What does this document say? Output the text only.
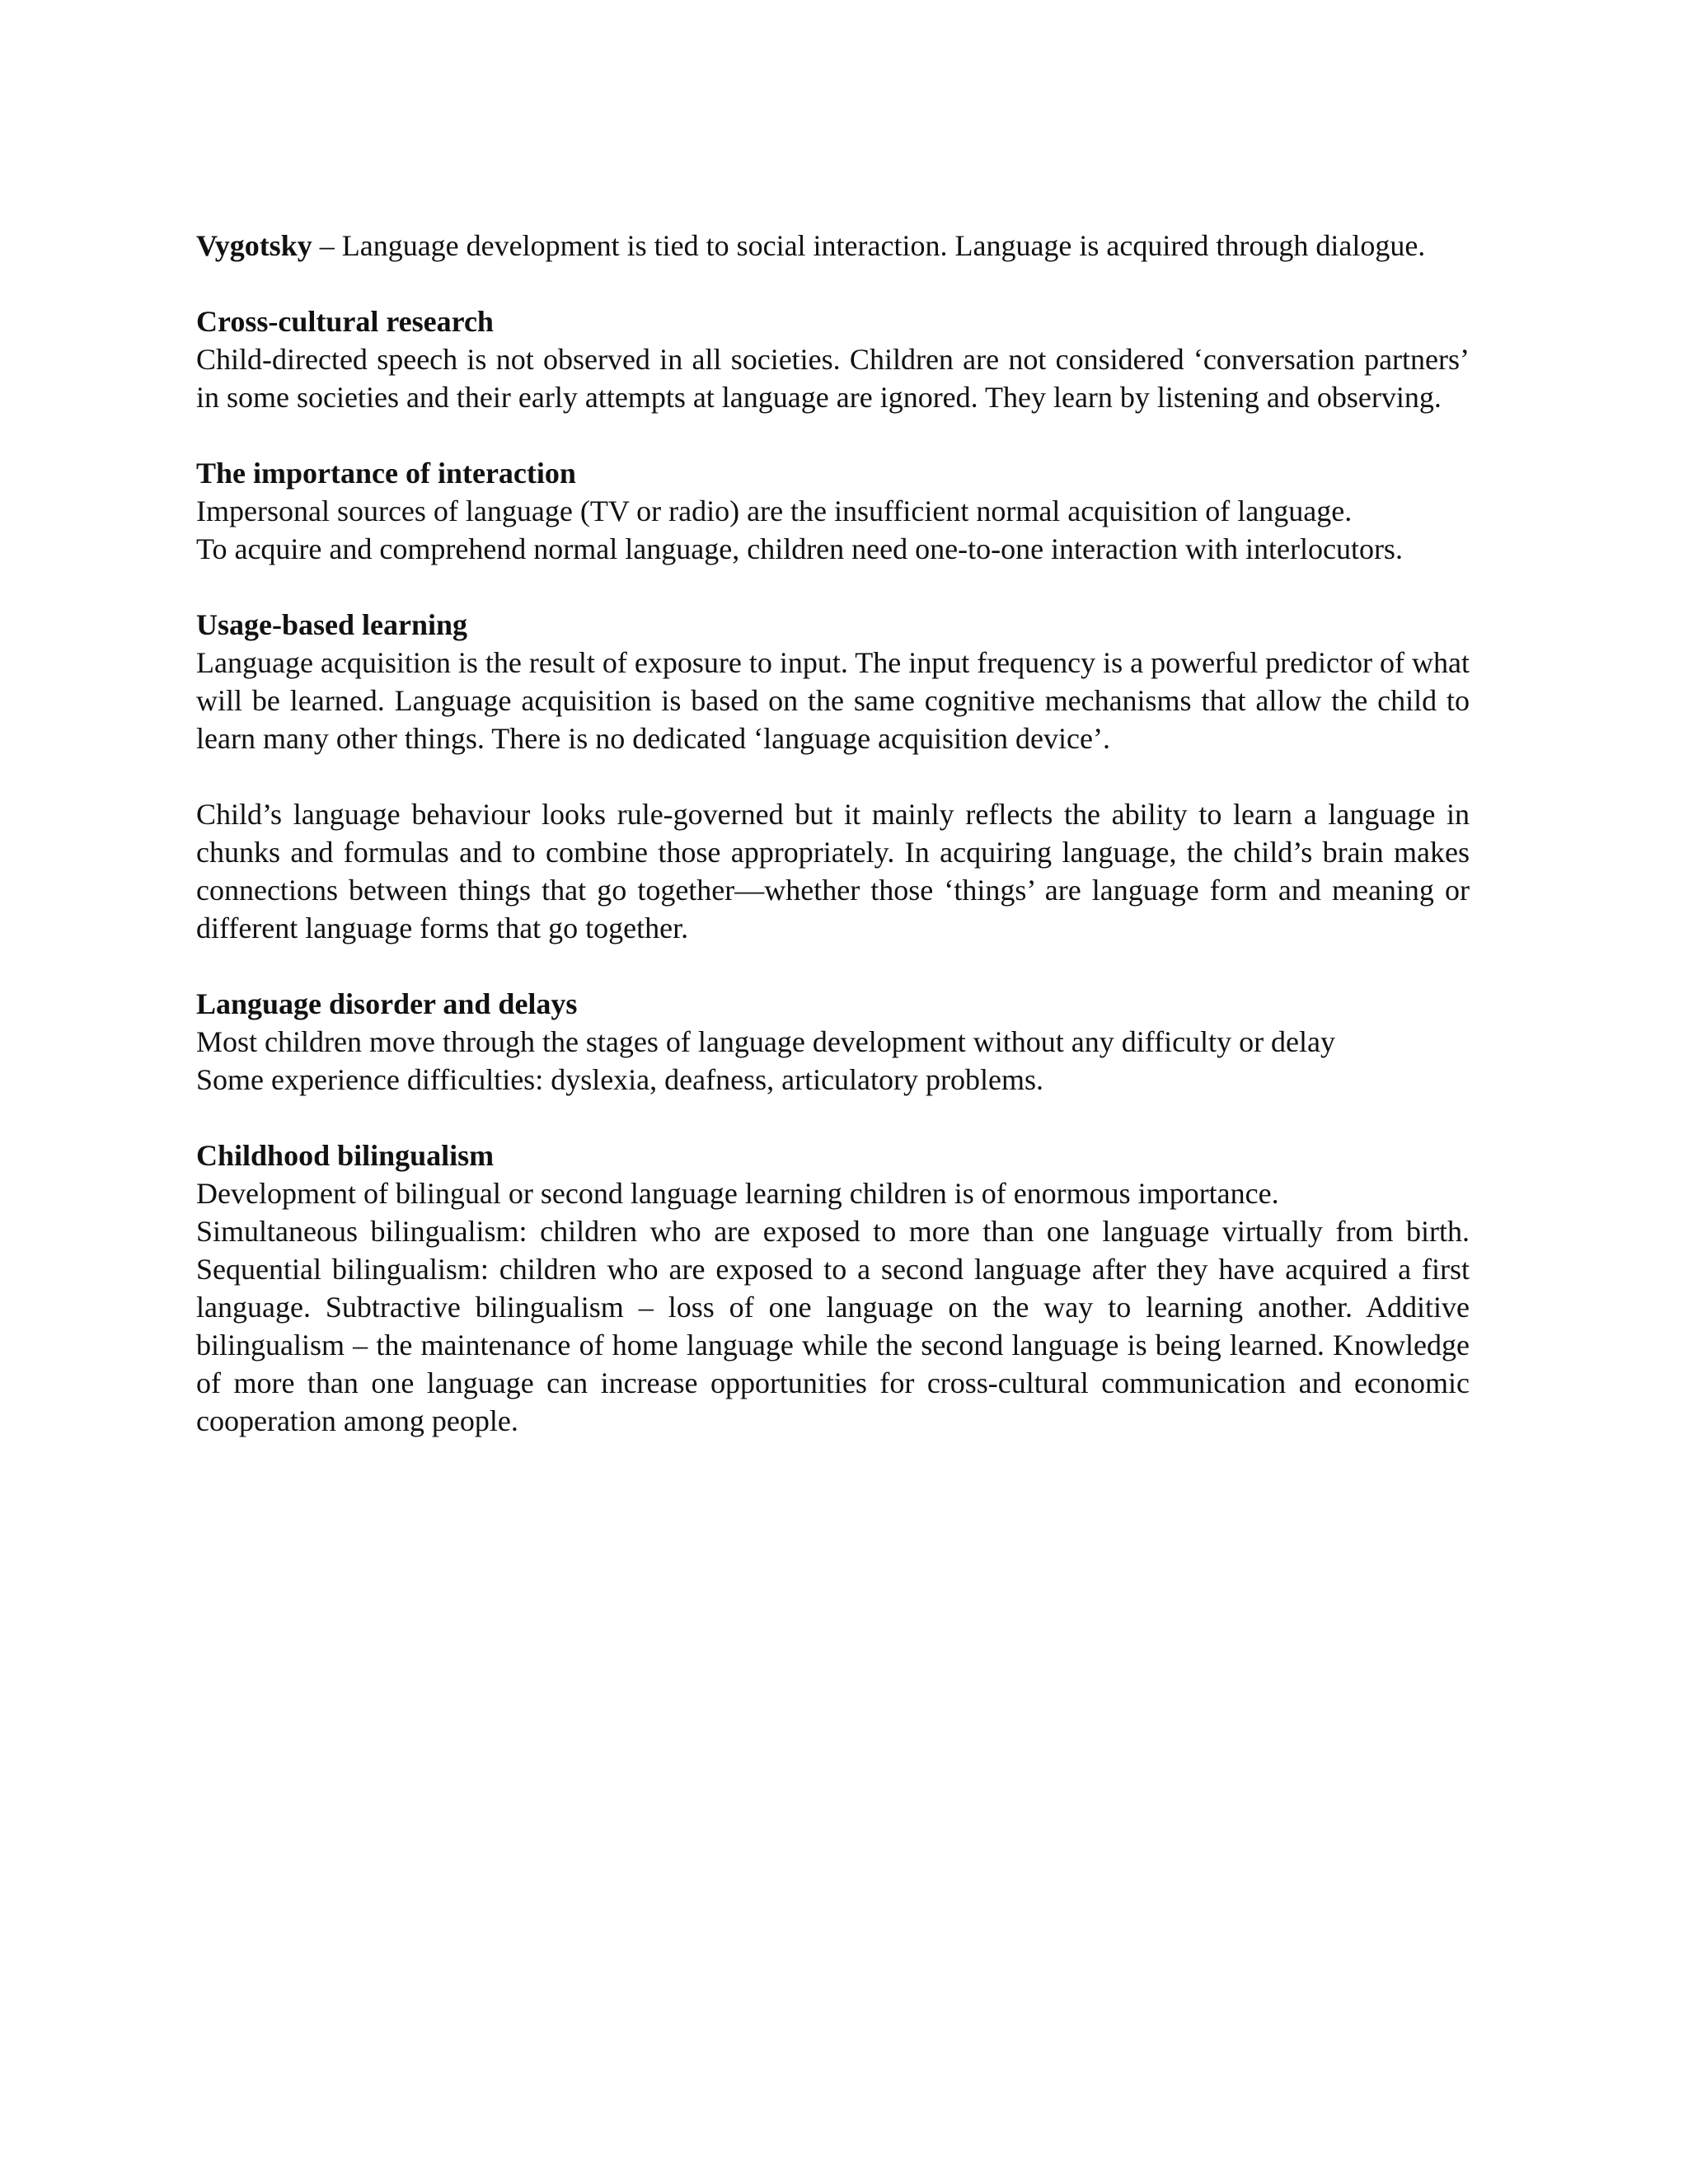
Vygotsky – Language development is tied to social interaction. Language is acquired through dialogue.

Cross-cultural research

Child-directed speech is not observed in all societies. Children are not considered ‘conversation partners’ in some societies and their early attempts at language are ignored. They learn by listening and observing.

The importance of interaction

Impersonal sources of language (TV or radio) are the insufficient normal acquisition of language.

To acquire and comprehend normal language, children need one-to-one interaction with interlocutors.

Usage-based learning

Language acquisition is the result of exposure to input. The input frequency is a powerful predictor of what will be learned. Language acquisition is based on the same cognitive mechanisms that allow the child to learn many other things. There is no dedicated ‘language acquisition device’.

Child’s language behaviour looks rule-governed but it mainly reflects the ability to learn a language in chunks and formulas and to combine those appropriately. In acquiring language, the child’s brain makes connections between things that go together—whether those ‘things’ are language form and meaning or different language forms that go together.

Language disorder and delays

Most children move through the stages of language development without any difficulty or delay

Some experience difficulties: dyslexia, deafness, articulatory problems.

Childhood bilingualism

Development of bilingual or second language learning children is of enormous importance.

Simultaneous bilingualism: children who are exposed to more than one language virtually from birth. Sequential bilingualism: children who are exposed to a second language after they have acquired a first language. Subtractive bilingualism – loss of one language on the way to learning another. Additive bilingualism – the maintenance of home language while the second language is being learned. Knowledge of more than one language can increase opportunities for cross-cultural communication and economic cooperation among people.
